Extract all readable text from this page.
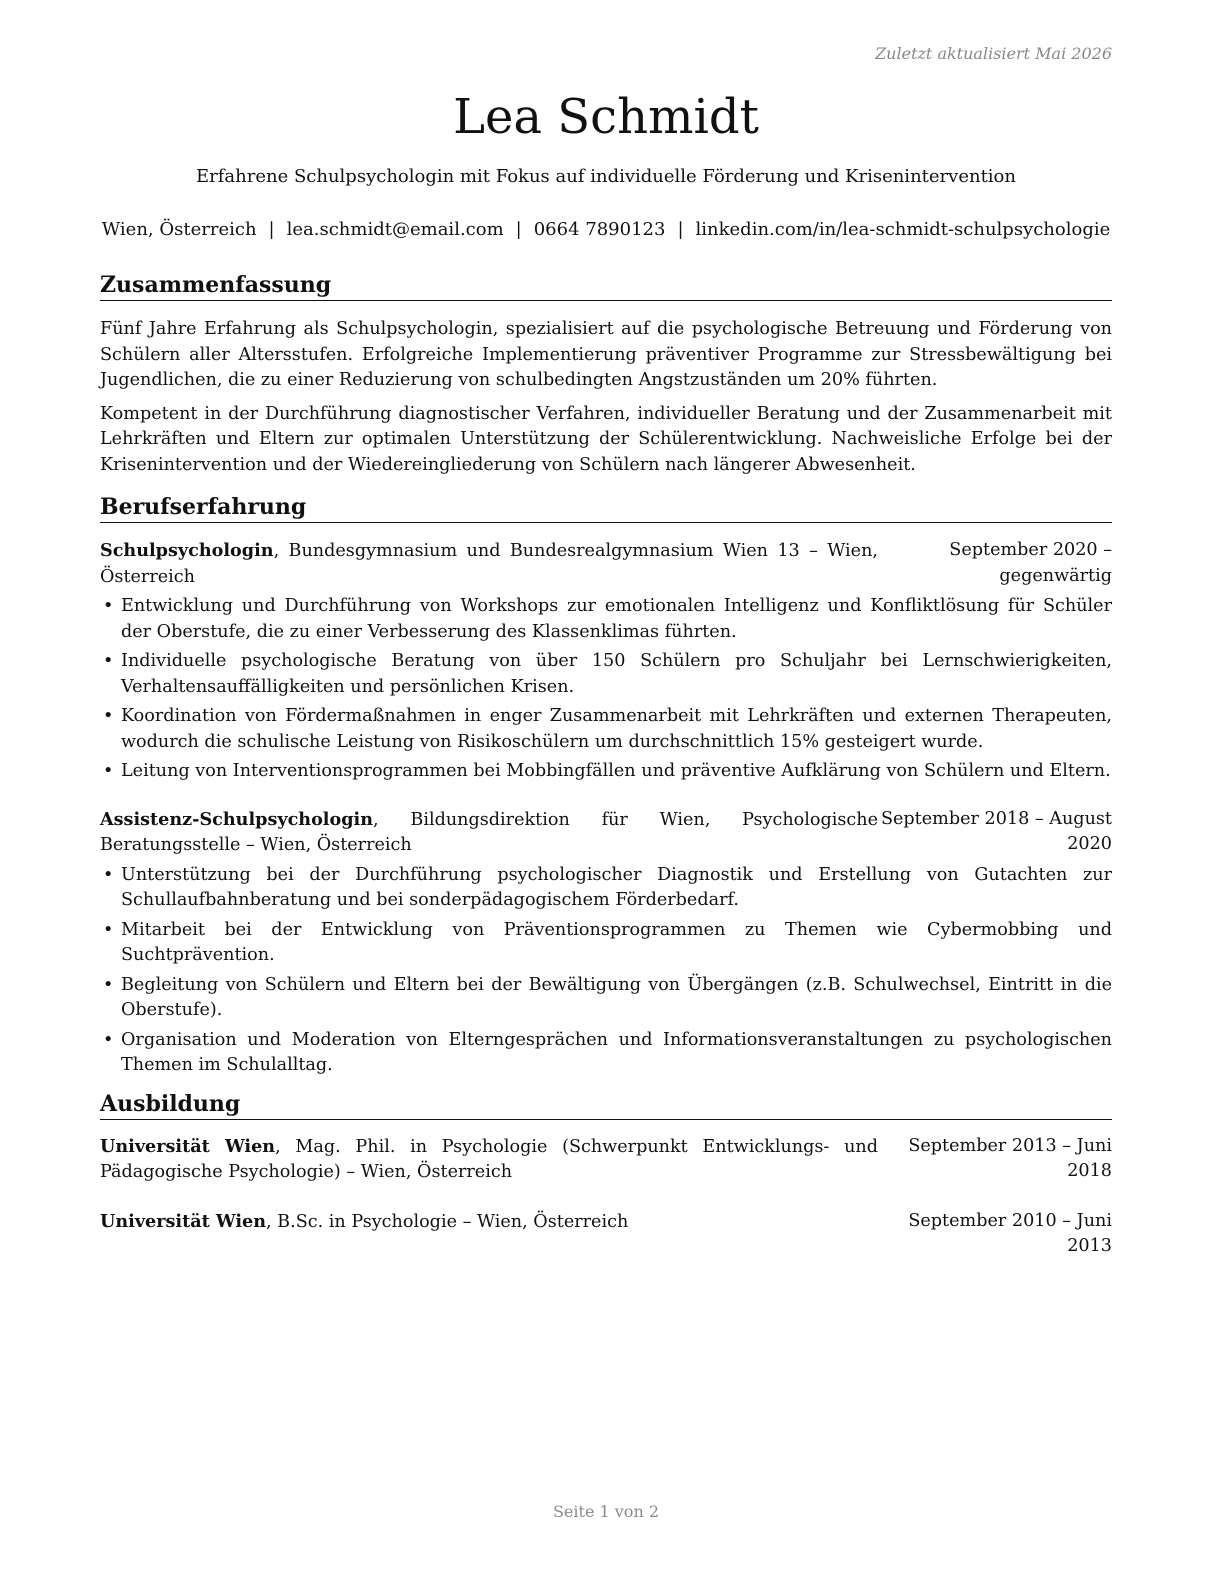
Zuletzt aktualisiert Mai 2026
Lea Schmidt
Erfahrene Schulpsychologin mit Fokus auf individuelle Förderung und Krisenintervention
Wien, Österreich | lea.schmidt@email.com | 0664 7890123 | linkedin.com/in/lea-schmidt-schulpsychologie
Zusammenfassung

Fünf Jahre Erfahrung als Schulpsychologin, spezialisiert auf die psychologische Betreuung und Förderung von Schülern aller Altersstufen. Erfolgreiche Implementierung präventiver Programme zur Stressbewältigung bei Jugendlichen, die zu einer Reduzierung von schulbedingten Angstzuständen um 20% führten.

Kompetent in der Durchführung diagnostischer Verfahren, individueller Beratung und der Zusammenarbeit mit Lehrkräften und Eltern zur optimalen Unterstützung der Schülerentwicklung. Nachweisliche Erfolge bei der Krisenintervention und der Wiedereingliederung von Schülern nach längerer Abwesenheit.

Berufserfahrung
Schulpsychologin, Bundesgymnasium und Bundesrealgymnasium Wien 13 – Wien, Österreich
September 2020 – gegenwärtig
• Entwicklung und Durchführung von Workshops zur emotionalen Intelligenz und Konfliktlösung für Schüler der Oberstufe, die zu einer Verbesserung des Klassenklimas führten.
• Individuelle psychologische Beratung von über 150 Schülern pro Schuljahr bei Lernschwierigkeiten, Verhaltensauffälligkeiten und persönlichen Krisen.
• Koordination von Fördermaßnahmen in enger Zusammenarbeit mit Lehrkräften und externen Therapeuten, wodurch die schulische Leistung von Risikoschülern um durchschnittlich 15% gesteigert wurde.
• Leitung von Interventionsprogrammen bei Mobbingfällen und präventive Aufklärung von Schülern und Eltern.
Assistenz-Schulpsychologin, Bildungsdirektion für Wien, Psychologische Beratungsstelle – Wien, Österreich
September 2018 – August 2020
• Unterstützung bei der Durchführung psychologischer Diagnostik und Erstellung von Gutachten zur Schullaufbahnberatung und bei sonderpädagogischem Förderbedarf.
• Mitarbeit bei der Entwicklung von Präventionsprogrammen zu Themen wie Cybermobbing und Suchtprävention.
• Begleitung von Schülern und Eltern bei der Bewältigung von Übergängen (z.B. Schulwechsel, Eintritt in die Oberstufe).
• Organisation und Moderation von Elterngesprächen und Informationsveranstaltungen zu psychologischen Themen im Schulalltag.
Ausbildung
Universität Wien, Mag. Phil. in Psychologie (Schwerpunkt Entwicklungs- und Pädagogische Psychologie) – Wien, Österreich
September 2013 – Juni 2018
Universität Wien, B.Sc. in Psychologie – Wien, Österreich	September 2010 – Juni 2013
Seite 1 von 2
